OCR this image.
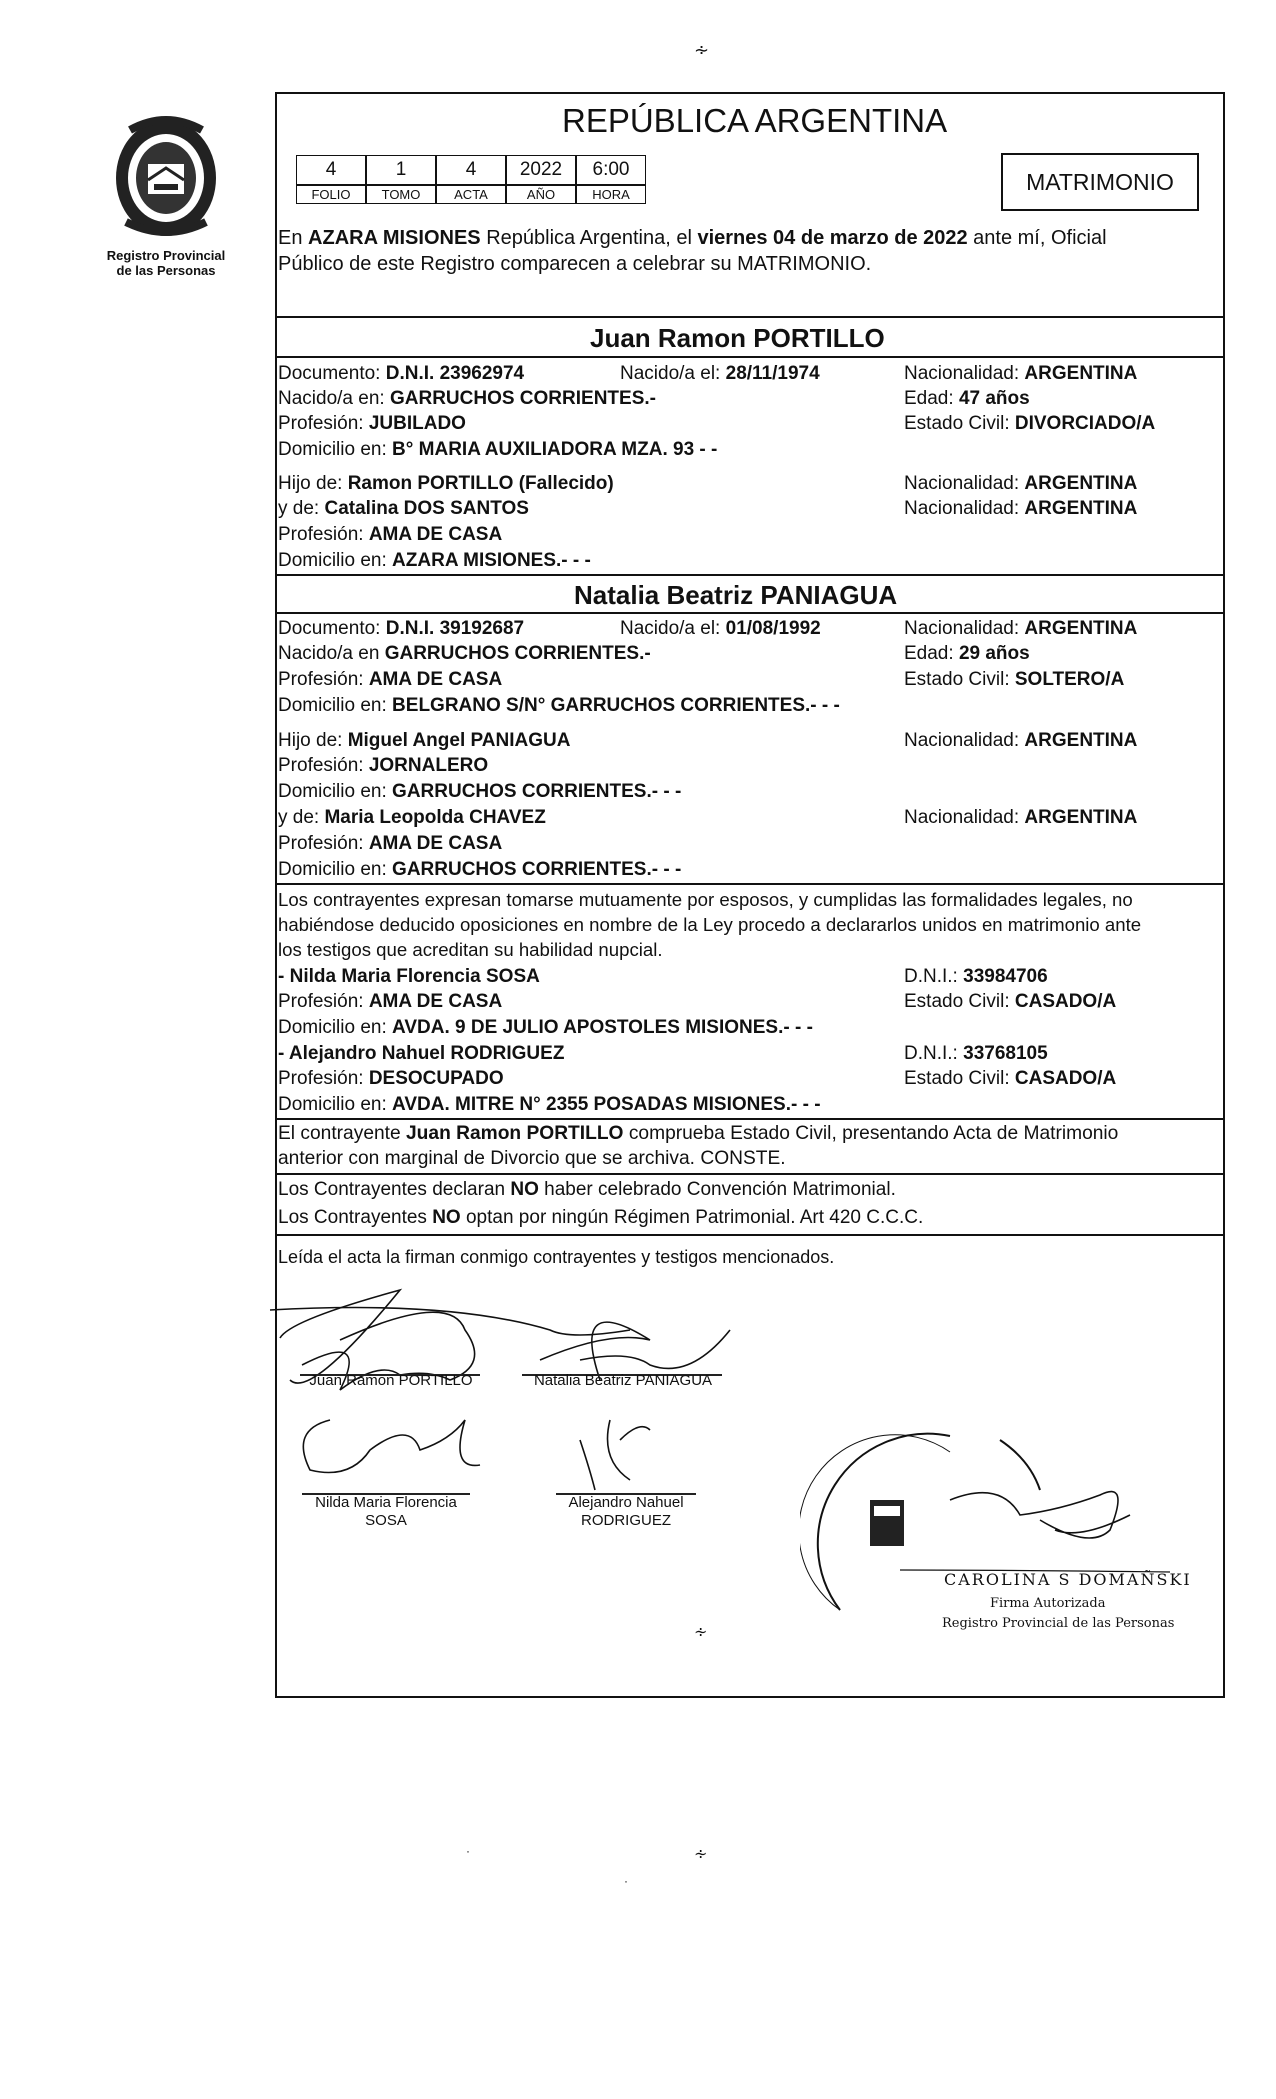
Registro Provincial
de las Personas
∻
REPÚBLICA ARGENTINA
4	1	4	2022	6:00
FOLIO	TOMO	ACTA	AÑO	HORA	MATRIMONIO
En AZARA MISIONES República Argentina, el viernes 04 de marzo de 2022 ante mí, Oficial
Público de este Registro comparecen a celebrar su MATRIMONIO.
Juan Ramon PORTILLO
Documento: D.N.I. 23962974	Nacido/a el: 28/11/1974	Nacionalidad: ARGENTINA
Nacido/a en: GARRUCHOS CORRIENTES.-	Edad: 47 años
Profesión: JUBILADO	Estado Civil: DIVORCIADO/A
Domicilio en: B° MARIA AUXILIADORA MZA. 93 - -
Hijo de: Ramon PORTILLO (Fallecido)	Nacionalidad: ARGENTINA
y de: Catalina DOS SANTOS	Nacionalidad: ARGENTINA
Profesión: AMA DE CASA
Domicilio en: AZARA MISIONES.- - -
Natalia Beatriz PANIAGUA
Documento: D.N.I. 39192687	Nacido/a el: 01/08/1992	Nacionalidad: ARGENTINA
Nacido/a en GARRUCHOS CORRIENTES.-	Edad: 29 años
Profesión: AMA DE CASA	Estado Civil: SOLTERO/A
Domicilio en: BELGRANO S/N° GARRUCHOS CORRIENTES.- - -
Hijo de: Miguel Angel PANIAGUA	Nacionalidad: ARGENTINA
Profesión: JORNALERO
Domicilio en: GARRUCHOS CORRIENTES.- - -
y de: Maria Leopolda CHAVEZ	Nacionalidad: ARGENTINA
Profesión: AMA DE CASA
Domicilio en: GARRUCHOS CORRIENTES.- - -
Los contrayentes expresan tomarse mutuamente por esposos, y cumplidas las formalidades legales, no
habiéndose deducido oposiciones en nombre de la Ley procedo a declararlos unidos en matrimonio ante
los testigos que acreditan su habilidad nupcial.
- Nilda Maria Florencia SOSA	D.N.I.: 33984706
Profesión: AMA DE CASA	Estado Civil: CASADO/A
Domicilio en: AVDA. 9 DE JULIO APOSTOLES MISIONES.- - -
- Alejandro Nahuel RODRIGUEZ	D.N.I.: 33768105
Profesión: DESOCUPADO	Estado Civil: CASADO/A
Domicilio en: AVDA. MITRE N° 2355 POSADAS MISIONES.- - -
El contrayente Juan Ramon PORTILLO comprueba Estado Civil, presentando Acta de Matrimonio
anterior con marginal de Divorcio que se archiva. CONSTE.
Los Contrayentes declaran NO haber celebrado Convención Matrimonial.
Los Contrayentes NO optan por ningún Régimen Patrimonial. Art 420 C.C.C.
Leída el acta la firman conmigo contrayentes y testigos mencionados.
Juan Ramon PORTILLO	Natalia Beatriz PANIAGUA
Nilda Maria Florencia
SOSA
Alejandro Nahuel
RODRIGUEZ
CAROLINA S DOMAÑSKI
Firma Autorizada
Registro Provincial de las Personas
∻
∻
·
·
